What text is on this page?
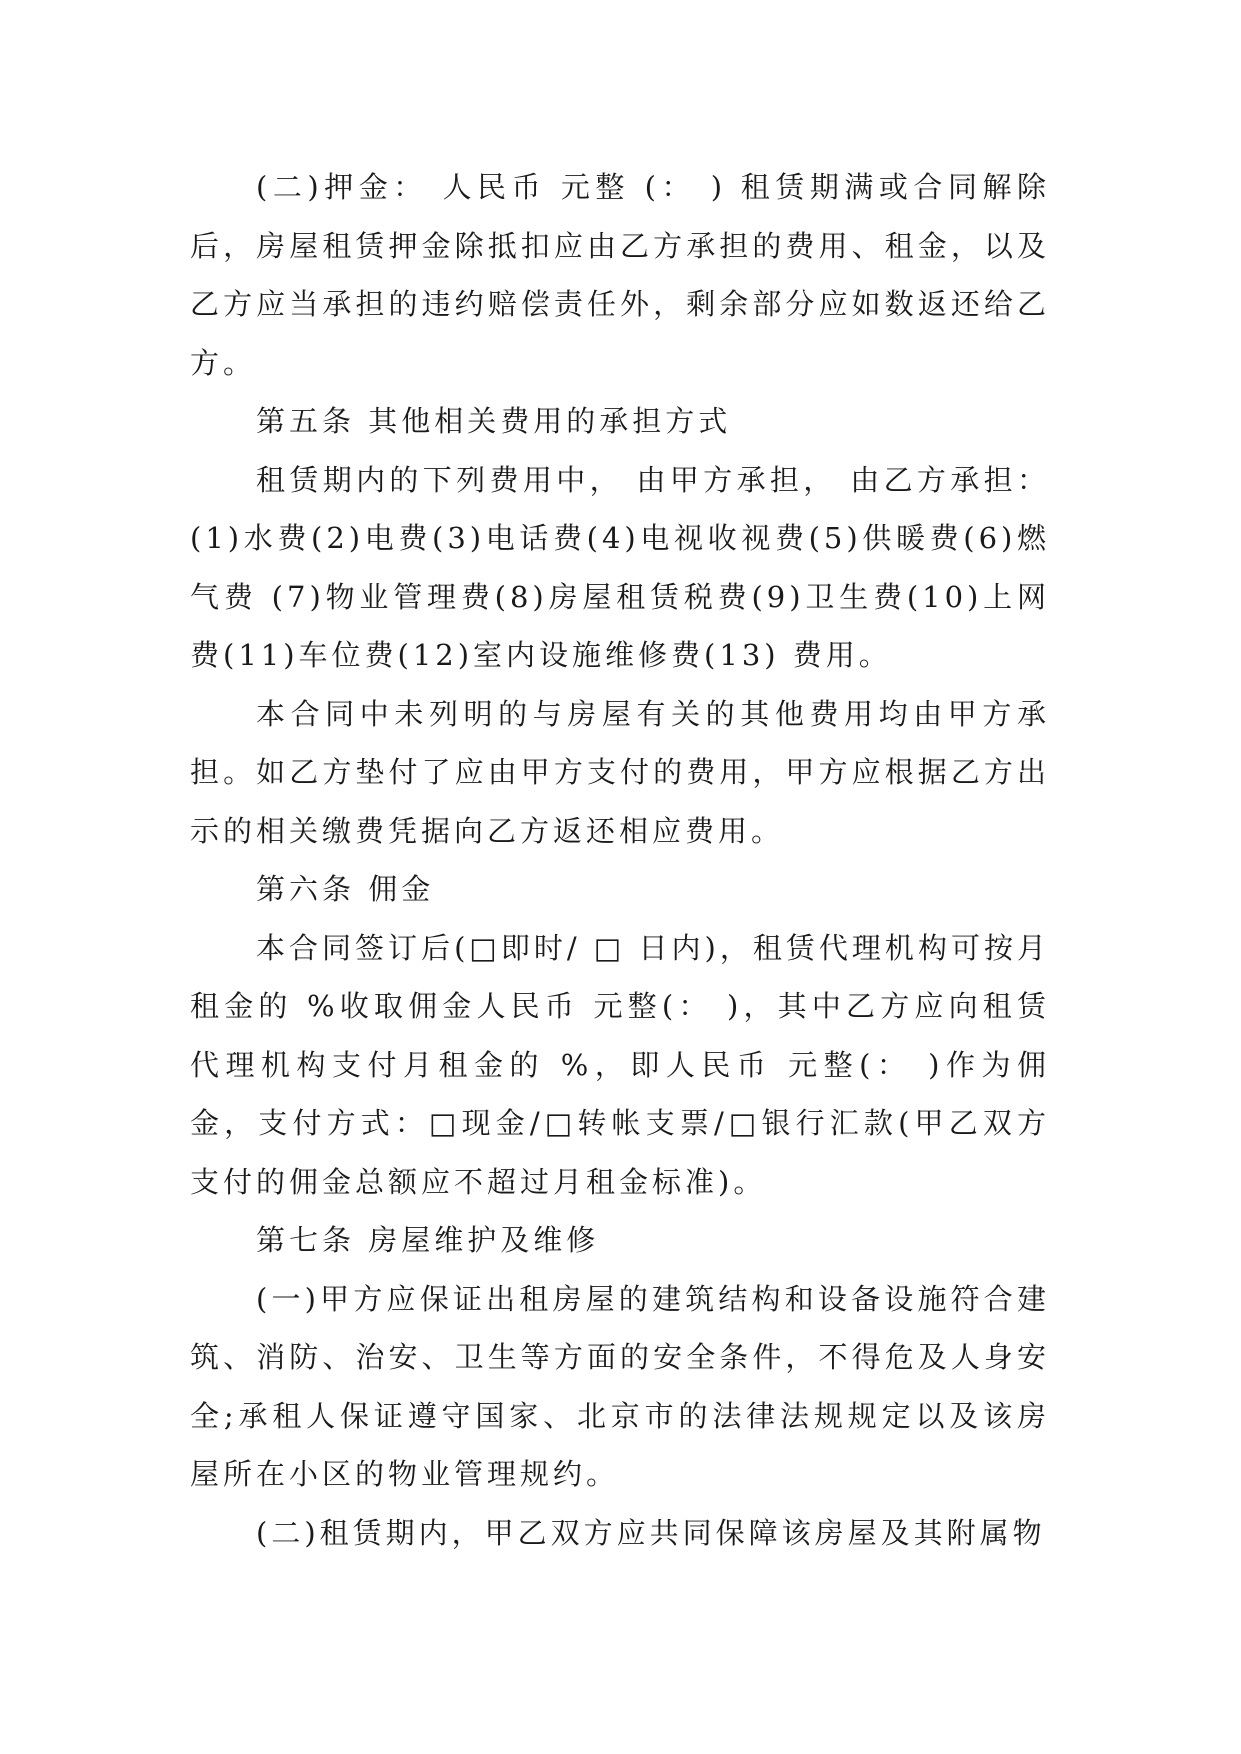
(二)押金： 人民币 元整 (： ) 租赁期满或合同解除后，房屋租赁押金除抵扣应由乙方承担的费用、租金，以及乙方应当承担的违约赔偿责任外，剩余部分应如数返还给乙方。

第五条 其他相关费用的承担方式

租赁期内的下列费用中， 由甲方承担， 由乙方承担：(1)水费(2)电费(3)电话费(4)电视收视费(5)供暖费(6)燃气费 (7)物业管理费(8)房屋租赁税费(9)卫生费(10)上网费(11)车位费(12)室内设施维修费(13) 费用。

本合同中未列明的与房屋有关的其他费用均由甲方承担。如乙方垫付了应由甲方支付的费用，甲方应根据乙方出示的相关缴费凭据向乙方返还相应费用。

第六条 佣金

本合同签订后(□即时/ □ 日内)，租赁代理机构可按月租金的 %收取佣金人民币 元整(： )，其中乙方应向租赁代理机构支付月租金的 %，即人民币 元整(： )作为佣金，支付方式：□现金/□转帐支票/□银行汇款(甲乙双方支付的佣金总额应不超过月租金标准)。

第七条 房屋维护及维修

(一)甲方应保证出租房屋的建筑结构和设备设施符合建筑、消防、治安、卫生等方面的安全条件，不得危及人身安全;承租人保证遵守国家、北京市的法律法规规定以及该房屋所在小区的物业管理规约。

(二)租赁期内，甲乙双方应共同保障该房屋及其附属物
